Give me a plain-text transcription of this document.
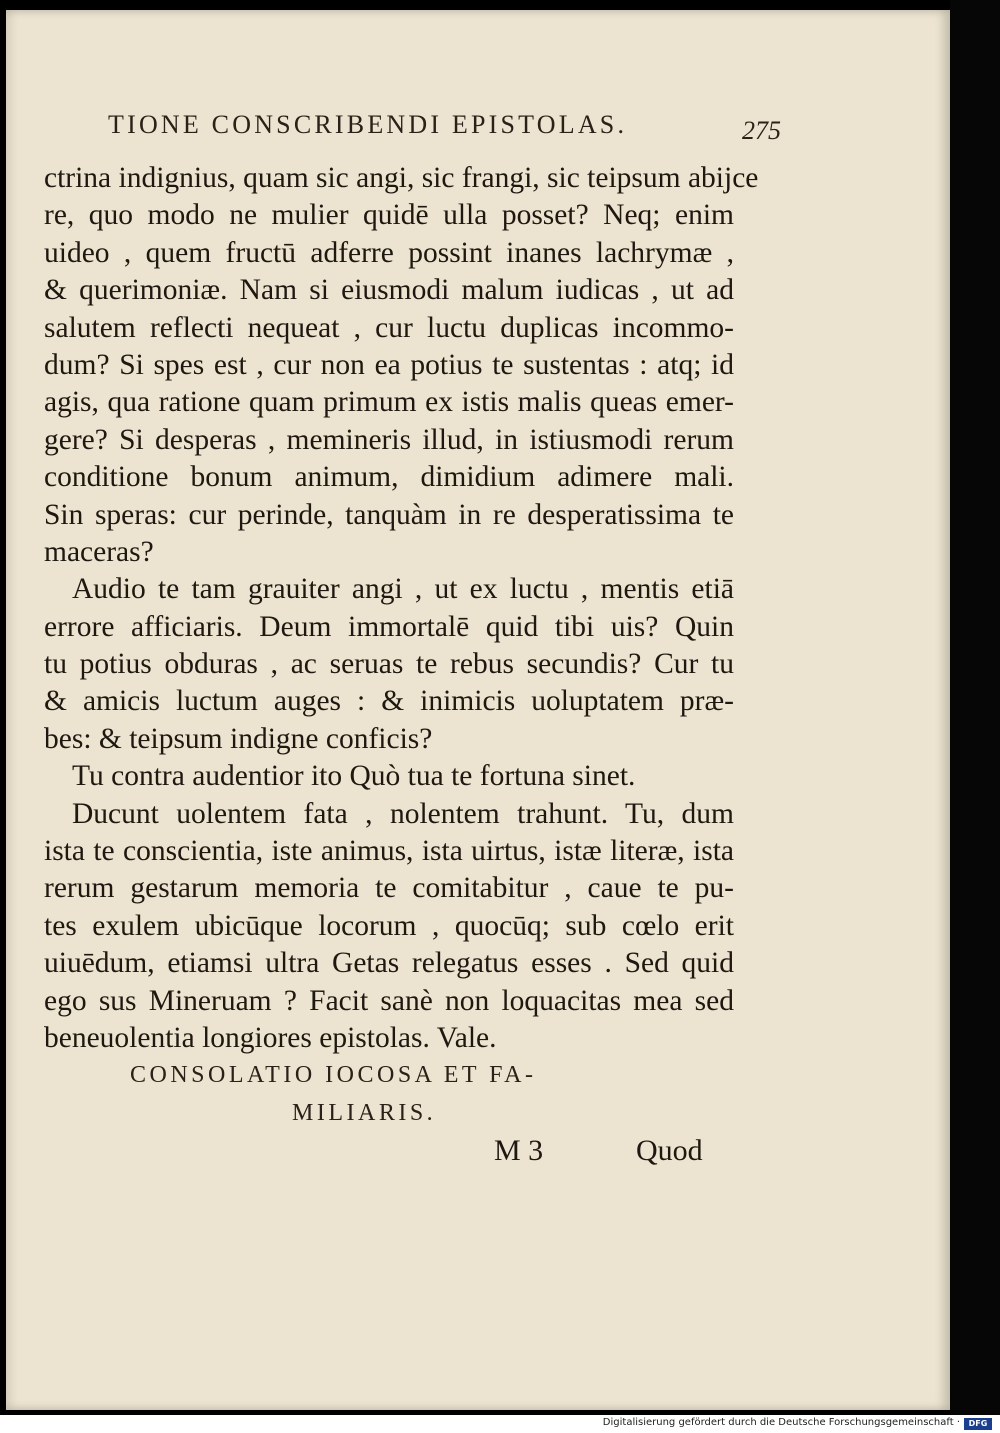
TIONE CONSCRIBENDI EPISTOLAS.	275
ctrina indignius, quam sic angi, sic frangi, sic teipsum abijce
re, quo modo ne mulier quidē ulla posset? Neq; enim
uideo , quem fructū adferre possint inanes lachrymæ ,
& querimoniæ. Nam si eiusmodi malum iudicas , ut ad
salutem reflecti nequeat , cur luctu duplicas incommo-
dum? Si spes est , cur non ea potius te sustentas : atq; id
agis, qua ratione quam primum ex istis malis queas emer-
gere? Si desperas , memineris illud, in istiusmodi rerum
conditione bonum animum, dimidium adimere mali.
Sin speras: cur perinde, tanquàm in re desperatissima te
maceras?
Audio te tam grauiter angi , ut ex luctu , mentis etiā
errore afficiaris. Deum immortalē quid tibi uis? Quin
tu potius obduras , ac seruas te rebus secundis? Cur tu
& amicis luctum auges : & inimicis uoluptatem præ-
bes: & teipsum indigne conficis?
Tu contra audentior ito Quò tua te fortuna sinet.
Ducunt uolentem fata , nolentem trahunt. Tu, dum
ista te conscientia, iste animus, ista uirtus, istæ literæ, ista
rerum gestarum memoria te comitabitur , caue te pu-
tes exulem ubicūque locorum , quocūq; sub cœlo erit
uiuēdum, etiamsi ultra Getas relegatus esses . Sed quid
ego sus Mineruam ? Facit sanè non loquacitas mea sed
beneuolentia longiores epistolas. Vale.
CONSOLATIO IOCOSA ET FA-
MILIARIS.
M 3	Quod
Digitalisierung gefördert durch die Deutsche Forschungsgemeinschaft ·	DFG
